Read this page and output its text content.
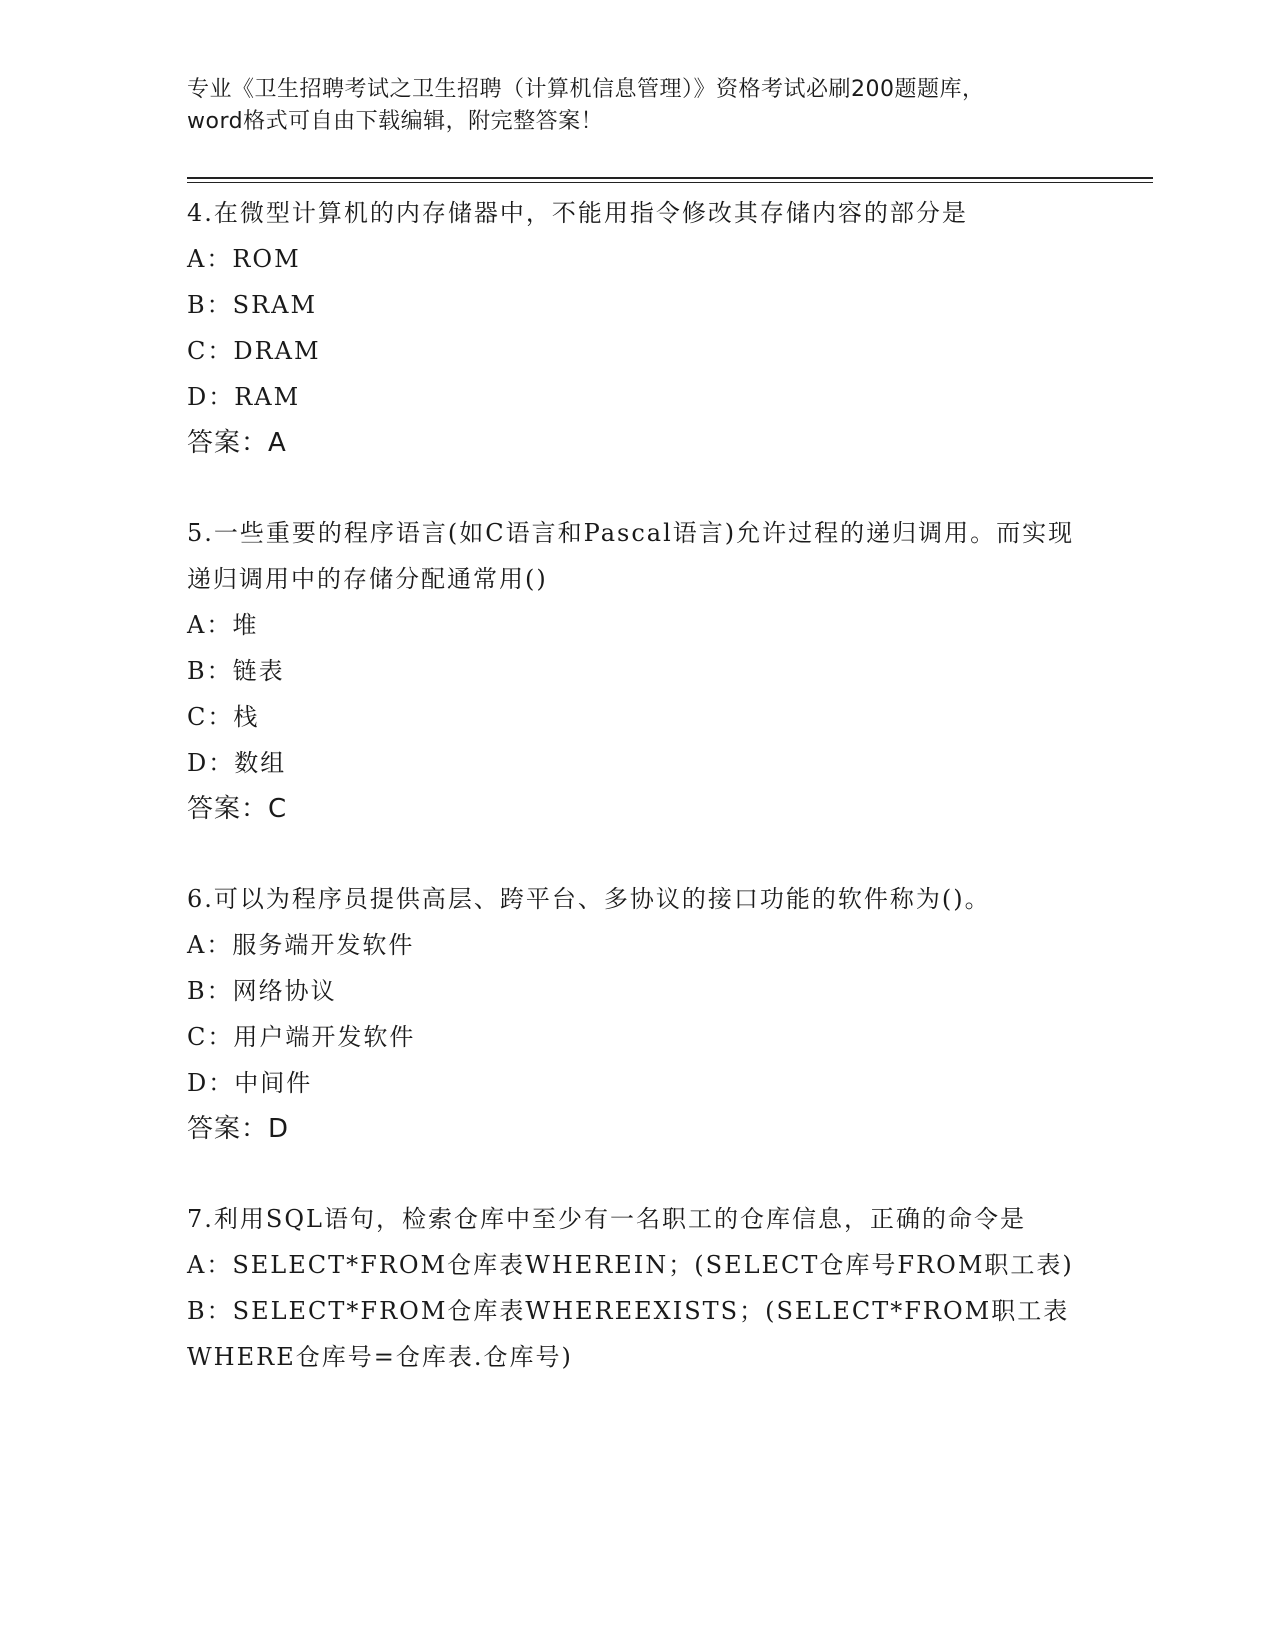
专业《卫生招聘考试之卫生招聘（计算机信息管理）》资格考试必刷200题题库，
word格式可自由下载编辑，附完整答案！
4.在微型计算机的内存储器中，不能用指令修改其存储内容的部分是
A：ROM
B：SRAM
C：DRAM
D：RAM
答案：A
5.一些重要的程序语言(如C语言和Pascal语言)允许过程的递归调用。而实现递归调用中的存储分配通常用()
A：堆
B：链表
C：栈
D：数组
答案：C
6.可以为程序员提供高层、跨平台、多协议的接口功能的软件称为()。
A：服务端开发软件
B：网络协议
C：用户端开发软件
D：中间件
答案：D
7.利用SQL语句，检索仓库中至少有一名职工的仓库信息，正确的命令是
A：SELECT*FROM仓库表WHEREIN；(SELECT仓库号FROM职工表)
B：SELECT*FROM仓库表WHEREEXISTS；(SELECT*FROM职工表WHERE仓库号=仓库表.仓库号)
